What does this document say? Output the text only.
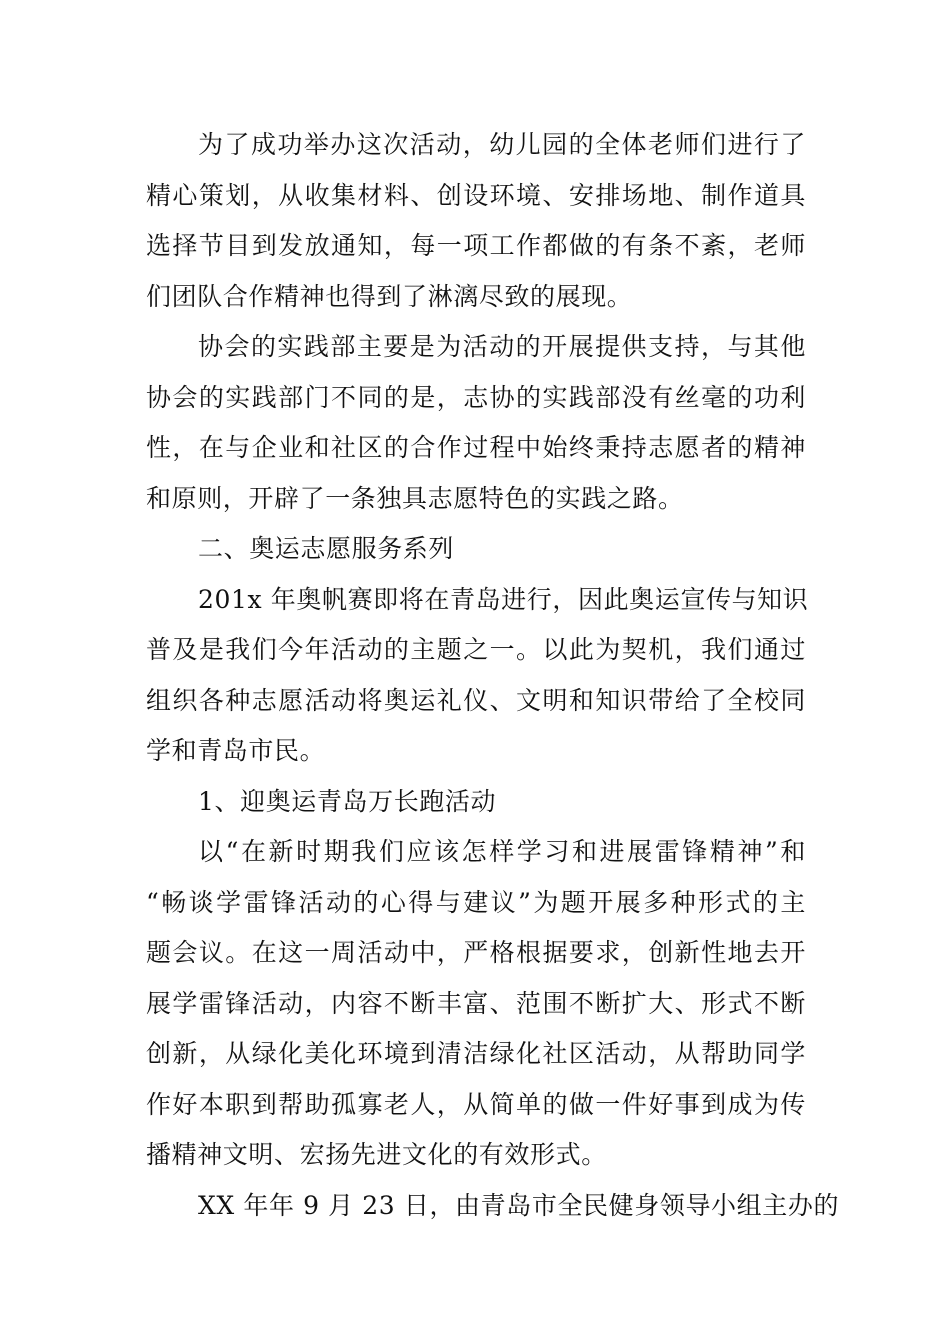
为了成功举办这次活动，幼儿园的全体老师们进行了
精心策划，从收集材料、创设环境、安排场地、制作道具
选择节目到发放通知，每一项工作都做的有条不紊，老师
们团队合作精神也得到了淋漓尽致的展现。
协会的实践部主要是为活动的开展提供支持，与其他
协会的实践部门不同的是，志协的实践部没有丝毫的功利
性，在与企业和社区的合作过程中始终秉持志愿者的精神
和原则，开辟了一条独具志愿特色的实践之路。
二、奥运志愿服务系列
201x 年奥帆赛即将在青岛进行，因此奥运宣传与知识
普及是我们今年活动的主题之一。以此为契机，我们通过
组织各种志愿活动将奥运礼仪、文明和知识带给了全校同
学和青岛市民。
1、迎奥运青岛万长跑活动
以“在新时期我们应该怎样学习和进展雷锋精神”和
“畅谈学雷锋活动的心得与建议”为题开展多种形式的主
题会议。在这一周活动中，严格根据要求，创新性地去开
展学雷锋活动，内容不断丰富、范围不断扩大、形式不断
创新，从绿化美化环境到清洁绿化社区活动，从帮助同学
作好本职到帮助孤寡老人，从简单的做一件好事到成为传
播精神文明、宏扬先进文化的有效形式。
XX 年年 9 月 23 日，由青岛市全民健身领导小组主办的
